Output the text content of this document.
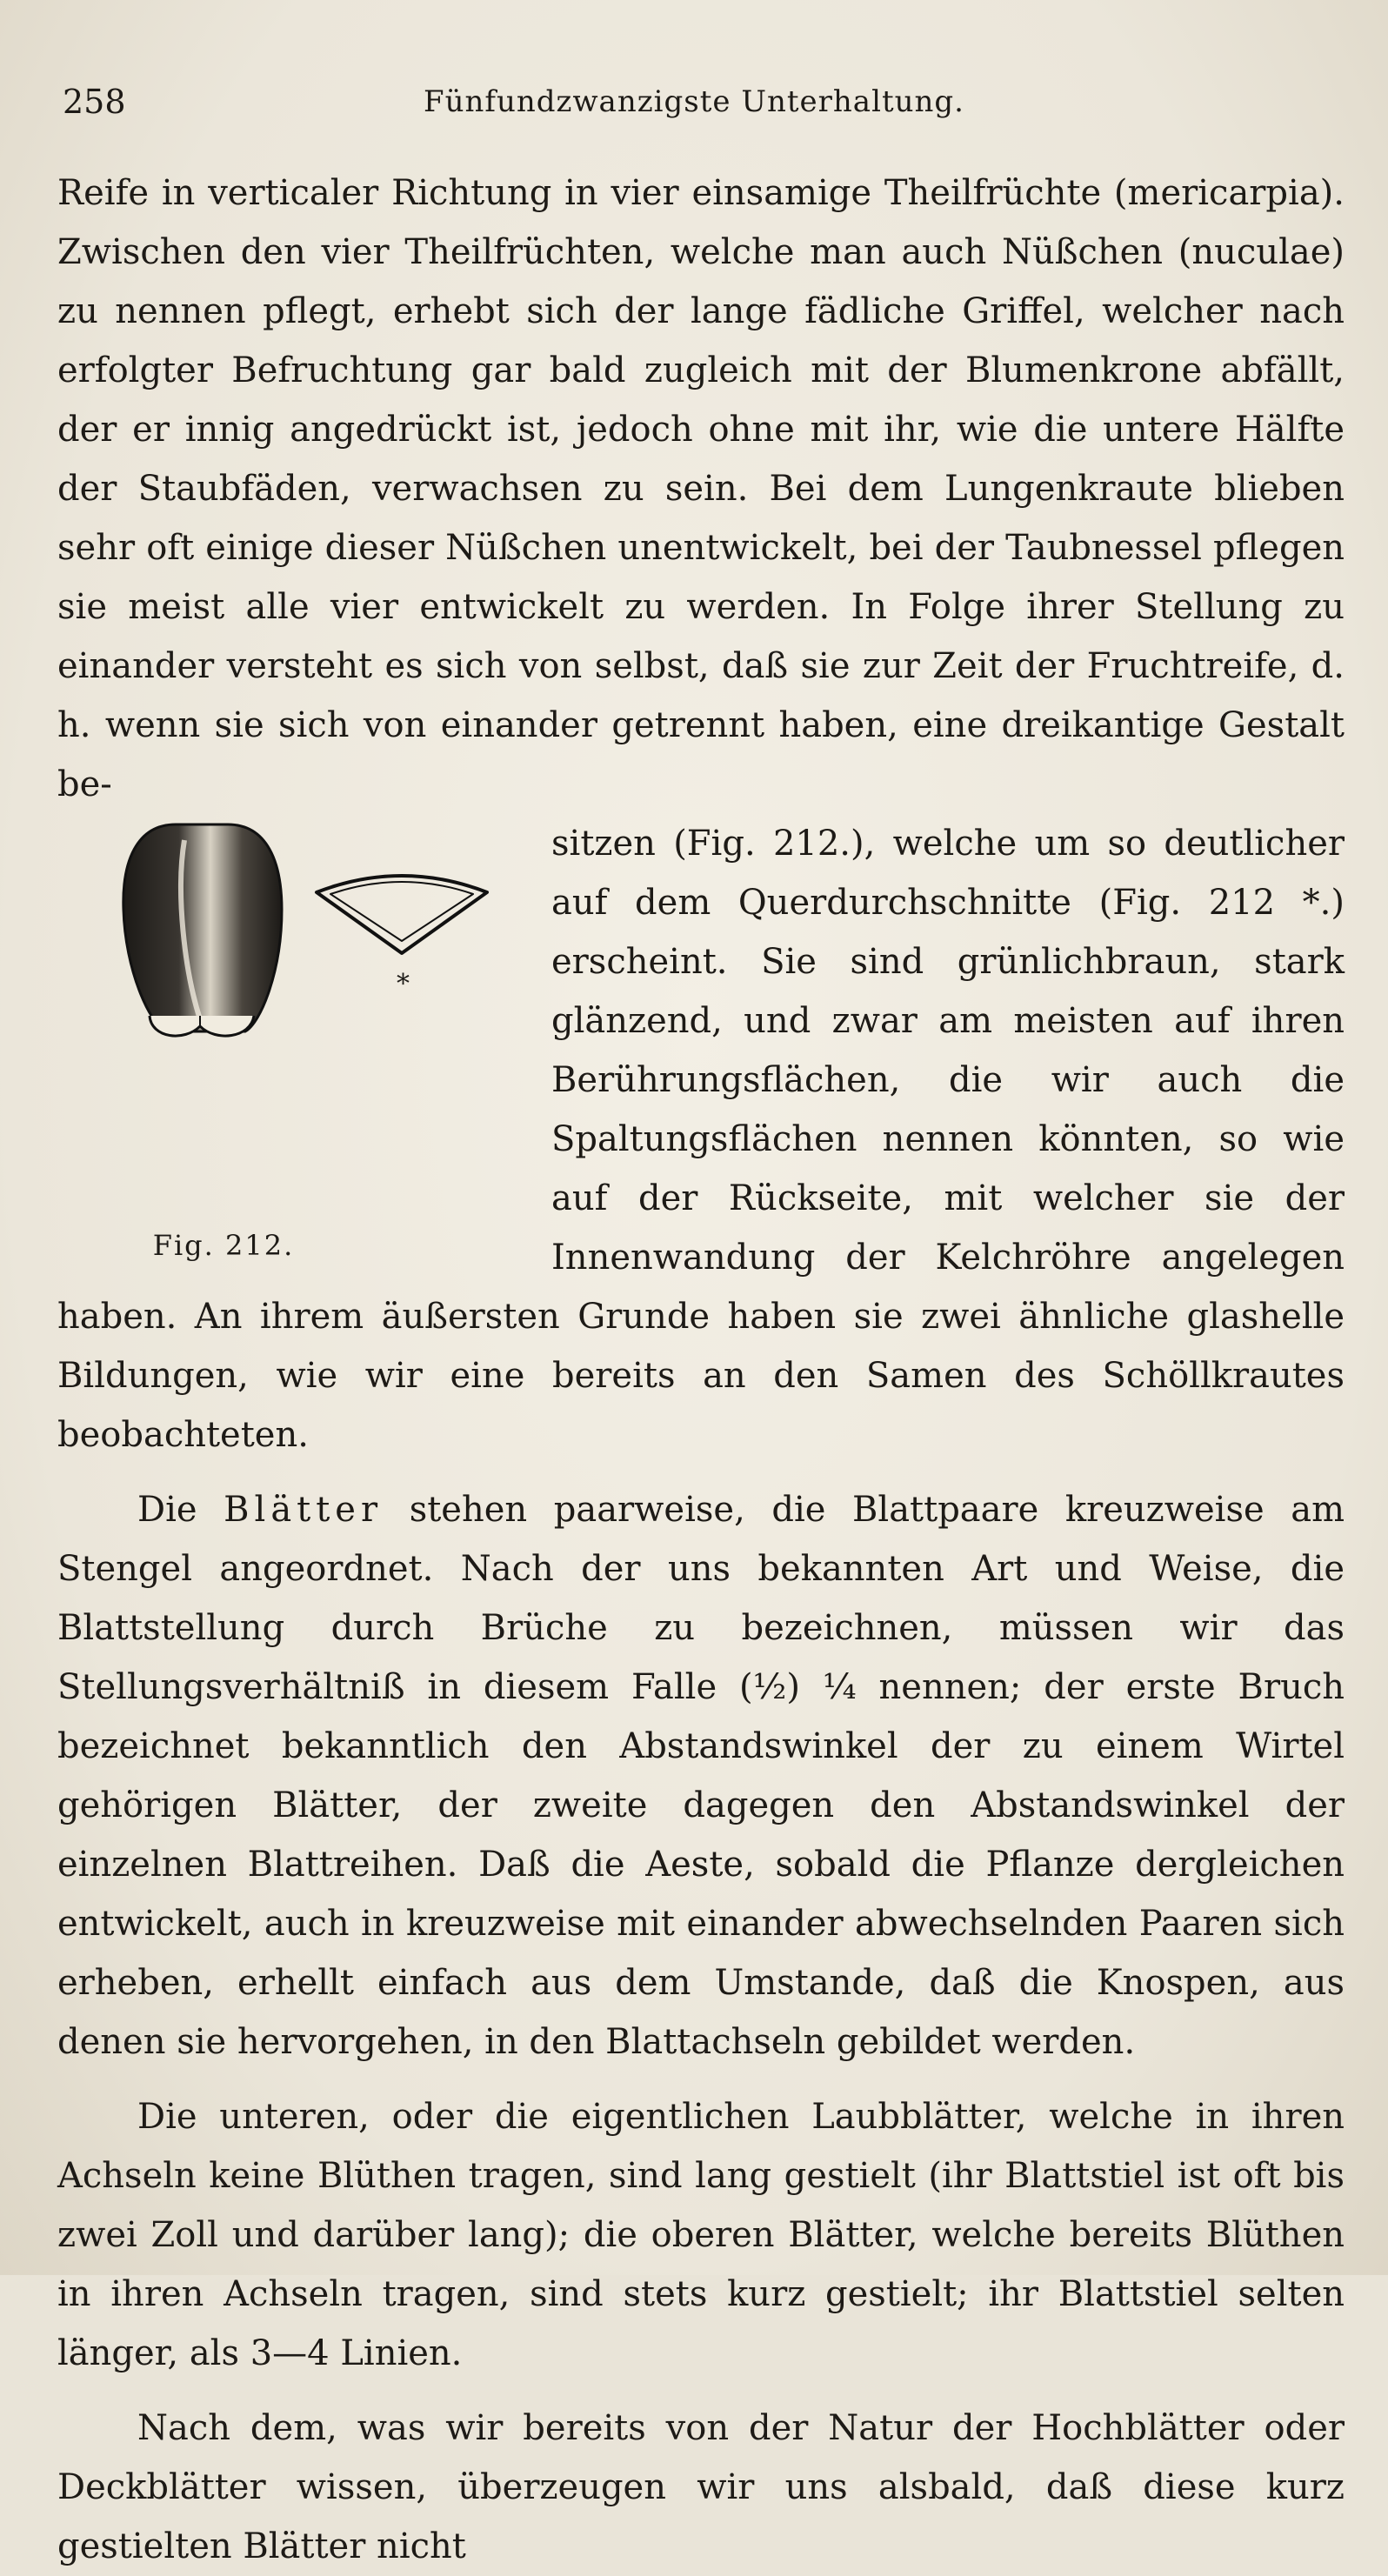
258	Fünfundzwanzigste Unterhaltung.

Reife in verticaler Richtung in vier einsamige Theilfrüchte (mericarpia). Zwischen den vier Theilfrüchten, welche man auch Nüßchen (nuculae) zu nennen pflegt, erhebt sich der lange fädliche Griffel, welcher nach erfolgter Befruchtung gar bald zugleich mit der Blumenkrone abfällt, der er innig angedrückt ist, jedoch ohne mit ihr, wie die untere Hälfte der Staubfäden, verwachsen zu sein. Bei dem Lungenkraute blieben sehr oft einige dieser Nüßchen unentwickelt, bei der Taubnessel pflegen sie meist alle vier entwickelt zu werden. In Folge ihrer Stellung zu einander versteht es sich von selbst, daß sie zur Zeit der Fruchtreife, d. h. wenn sie sich von einander getrennt haben, eine dreikantige Gestalt be-

*
Fig. 212.

sitzen (Fig. 212.), welche um so deutlicher auf dem Querdurchschnitte (Fig. 212 *.) erscheint. Sie sind grünlichbraun, stark glänzend, und zwar am meisten auf ihren Berührungsflächen, die wir auch die Spaltungsflächen nennen könnten, so wie auf der Rückseite, mit welcher sie der Innenwandung der Kelchröhre angelegen haben. An ihrem äußersten Grunde haben sie zwei ähnliche glashelle Bildungen, wie wir eine bereits an den Samen des Schöllkrautes beobachteten.

Die Blätter stehen paarweise, die Blattpaare kreuzweise am Stengel angeordnet. Nach der uns bekannten Art und Weise, die Blattstellung durch Brüche zu bezeichnen, müssen wir das Stellungsverhältniß in diesem Falle (½) ¼ nennen; der erste Bruch bezeichnet bekanntlich den Abstandswinkel der zu einem Wirtel gehörigen Blätter, der zweite dagegen den Abstandswinkel der einzelnen Blattreihen. Daß die Aeste, sobald die Pflanze dergleichen entwickelt, auch in kreuzweise mit einander abwechselnden Paaren sich erheben, erhellt einfach aus dem Umstande, daß die Knospen, aus denen sie hervorgehen, in den Blattachseln gebildet werden.

Die unteren, oder die eigentlichen Laubblätter, welche in ihren Achseln keine Blüthen tragen, sind lang gestielt (ihr Blattstiel ist oft bis zwei Zoll und darüber lang); die oberen Blätter, welche bereits Blüthen in ihren Achseln tragen, sind stets kurz gestielt; ihr Blattstiel selten länger, als 3—4 Linien.

Nach dem, was wir bereits von der Natur der Hochblätter oder Deckblätter wissen, überzeugen wir uns alsbald, daß diese kurz gestielten Blätter nicht
